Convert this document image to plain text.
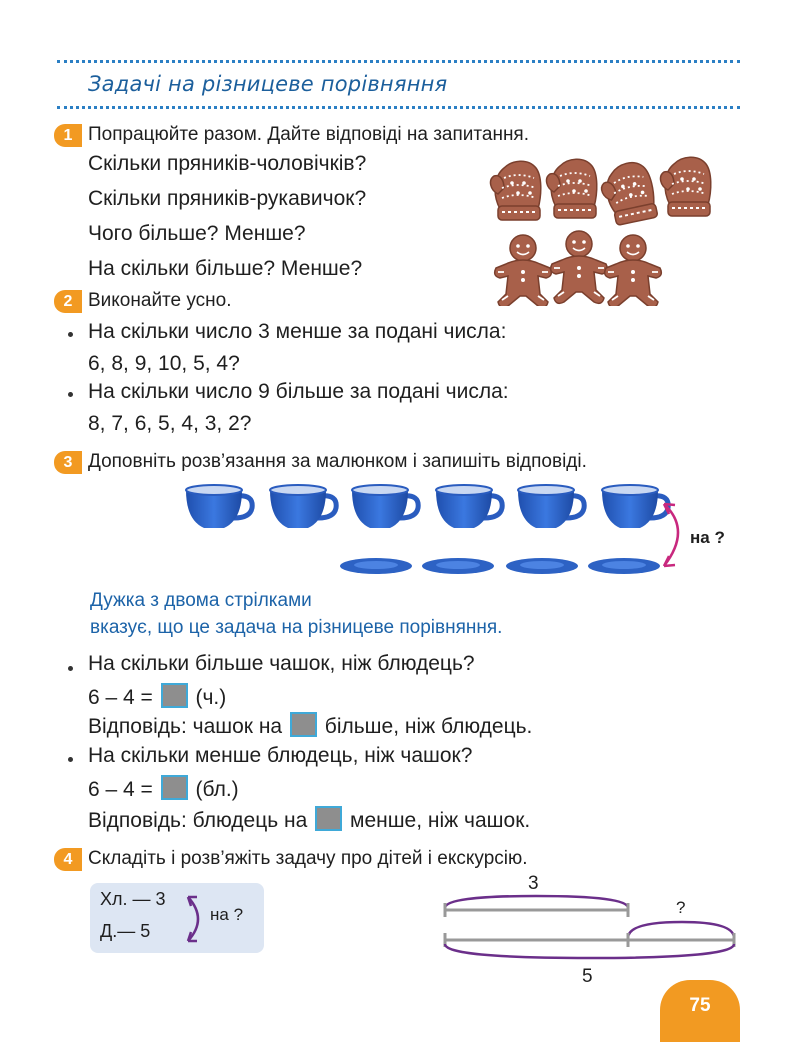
Задачі на різницеве порівняння
1 Попрацюйте разом. Дайте відповіді на запитання.
Скільки пряників-чоловічків?
Скільки пряників-рукавичок?
Чого більше? Менше?
На скільки більше? Менше?
2 Виконайте усно.
На скільки число 3 менше за подані числа:
6, 8, 9, 10, 5, 4?
На скільки число 9 більше за подані числа:
8, 7, 6, 5, 4, 3, 2?
3 Доповніть розв’язання за малюнком і запишіть відповіді.
на ?
Дужка з двома стрілками
вказує, що це задача на різницеве порівняння.
На скільки більше чашок, ніж блюдець?
6 – 4 = (ч.)
Відповідь: чашок на більше, ніж блюдець.
На скільки менше блюдець, ніж чашок?
6 – 4 = (бл.)
Відповідь: блюдець на менше, ніж чашок.
4 Складіть і розв’яжіть задачу про дітей і екскурсію.
Хл. — 3
Д.— 5
на ?
3
?
5
75
